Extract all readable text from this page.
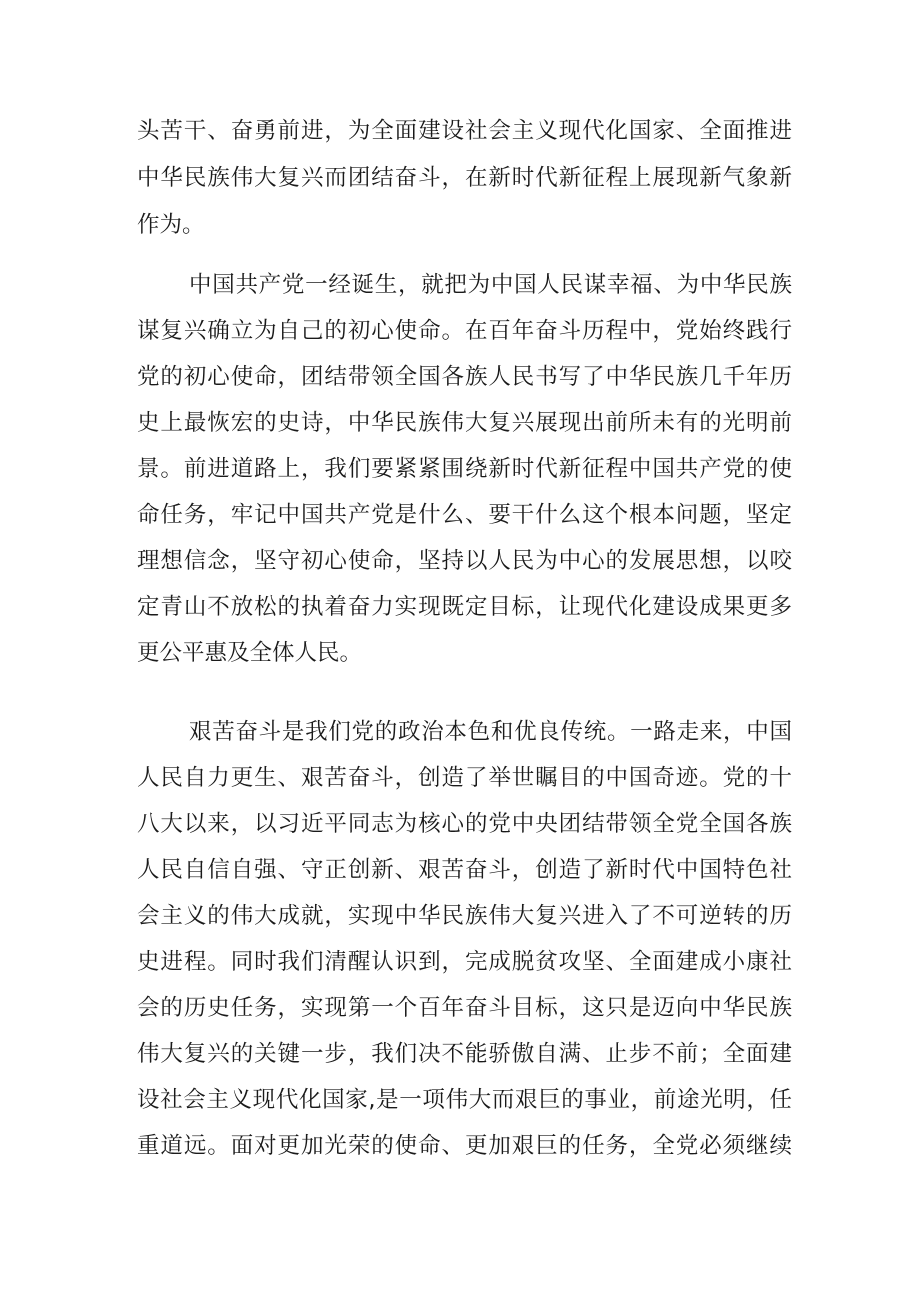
头苦干、奋勇前进，为全面建设社会主义现代化国家、全面推进
中华民族伟大复兴而团结奋斗，在新时代新征程上展现新气象新
作为。
中国共产党一经诞生，就把为中国人民谋幸福、为中华民族
谋复兴确立为自己的初心使命。在百年奋斗历程中，党始终践行
党的初心使命，团结带领全国各族人民书写了中华民族几千年历
史上最恢宏的史诗，中华民族伟大复兴展现出前所未有的光明前
景。前进道路上，我们要紧紧围绕新时代新征程中国共产党的使
命任务，牢记中国共产党是什么、要干什么这个根本问题，坚定
理想信念，坚守初心使命，坚持以人民为中心的发展思想，以咬
定青山不放松的执着奋力实现既定目标，让现代化建设成果更多
更公平惠及全体人民。
艰苦奋斗是我们党的政治本色和优良传统。一路走来，中国
人民自力更生、艰苦奋斗，创造了举世瞩目的中国奇迹。党的十
八大以来，以习近平同志为核心的党中央团结带领全党全国各族
人民自信自强、守正创新、艰苦奋斗，创造了新时代中国特色社
会主义的伟大成就，实现中华民族伟大复兴进入了不可逆转的历
史进程。同时我们清醒认识到，完成脱贫攻坚、全面建成小康社
会的历史任务，实现第一个百年奋斗目标，这只是迈向中华民族
伟大复兴的关键一步，我们决不能骄傲自满、止步不前；全面建
设社会主义现代化国家,是一项伟大而艰巨的事业，前途光明，任
重道远。面对更加光荣的使命、更加艰巨的任务，全党必须继续
